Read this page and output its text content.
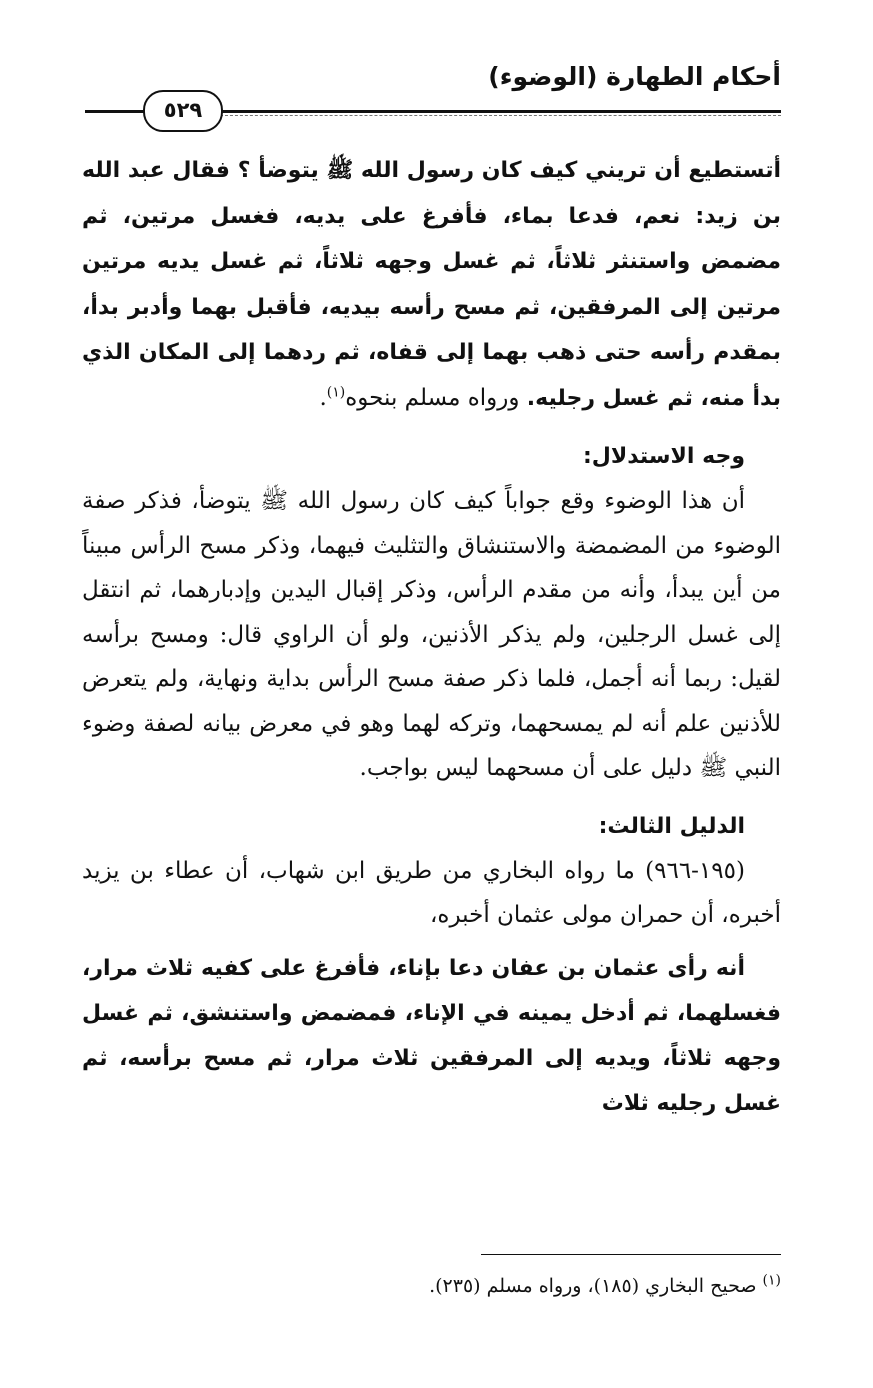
أحكام الطهارة (الوضوء)
٥٢٩

أتستطيع أن تريني كيف كان رسول الله ﷺ يتوضأ ؟ فقال عبد الله بن زيد: نعم، فدعا بماء، فأفرغ على يديه، فغسل مرتين، ثم مضمض واستنثر ثلاثاً، ثم غسل وجهه ثلاثاً، ثم غسل يديه مرتين مرتين إلى المرفقين، ثم مسح رأسه بيديه، فأقبل بهما وأدبر بدأ، بمقدم رأسه حتى ذهب بهما إلى قفاه، ثم ردهما إلى المكان الذي بدأ منه، ثم غسل رجليه. ورواه مسلم بنحوه$^{(١)}$.

وجه الاستدلال:

أن هذا الوضوء وقع جواباً كيف كان رسول الله ﷺ يتوضأ، فذكر صفة الوضوء من المضمضة والاستنشاق والتثليث فيهما، وذكر مسح الرأس مبيناً من أين يبدأ، وأنه من مقدم الرأس، وذكر إقبال اليدين وإدبارهما، ثم انتقل إلى غسل الرجلين، ولم يذكر الأذنين، ولو أن الراوي قال: ومسح برأسه لقيل: ربما أنه أجمل، فلما ذكر صفة مسح الرأس بداية ونهاية، ولم يتعرض للأذنين علم أنه لم يمسحهما، وتركه لهما وهو في معرض بيانه لصفة وضوء النبي ﷺ دليل على أن مسحهما ليس بواجب.

الدليل الثالث:

(١٩٥-٩٦٦) ما رواه البخاري من طريق ابن شهاب، أن عطاء بن يزيد أخبره، أن حمران مولى عثمان أخبره،

أنه رأى عثمان بن عفان دعا بإناء، فأفرغ على كفيه ثلاث مرار، فغسلهما، ثم أدخل يمينه في الإناء، فمضمض واستنشق، ثم غسل وجهه ثلاثاً، ويديه إلى المرفقين ثلاث مرار، ثم مسح برأسه، ثم غسل رجليه ثلاث

$^{(١)}$ صحيح البخاري (١٨٥)، ورواه مسلم (٢٣٥).
